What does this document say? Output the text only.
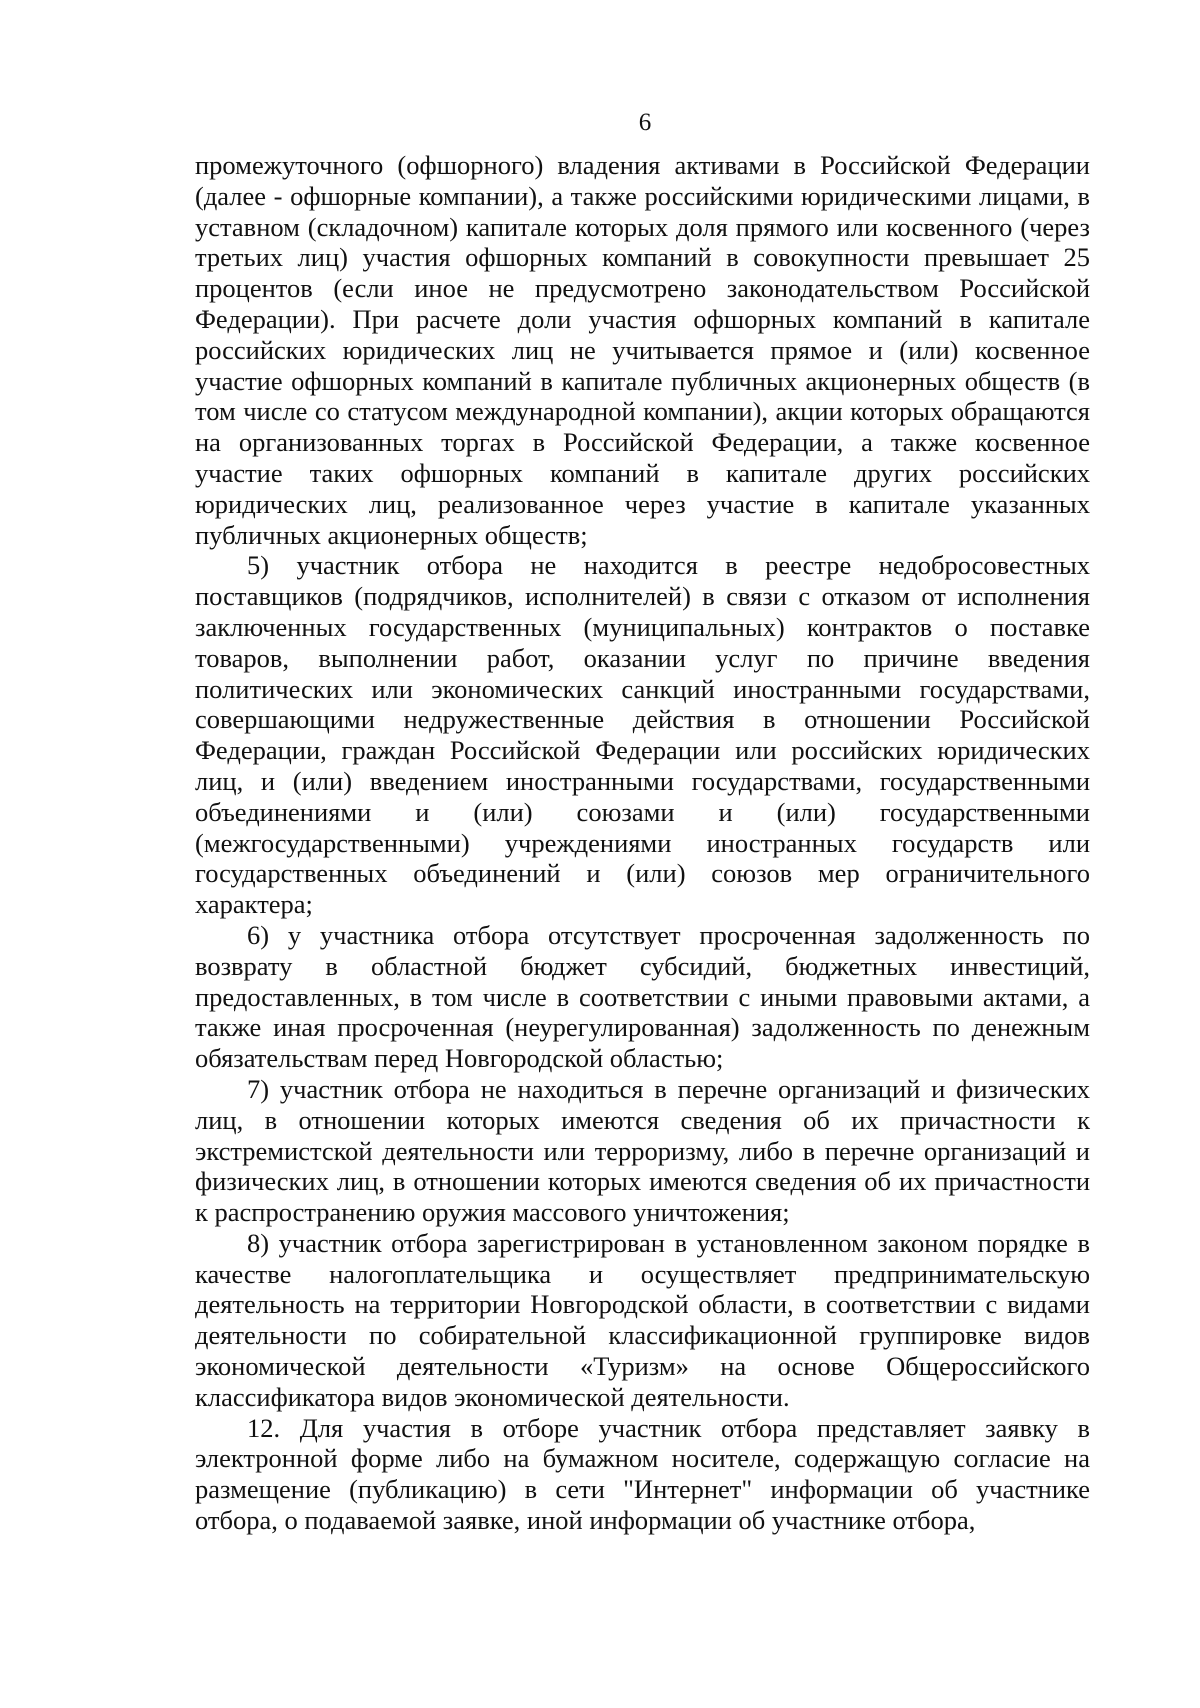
6

промежуточного (офшорного) владения активами в Российской Федерации (далее - офшорные компании), а также российскими юридическими лицами, в уставном (складочном) капитале которых доля прямого или косвенного (через третьих лиц) участия офшорных компаний в совокупности превышает 25 процентов (если иное не предусмотрено законодательством Российской Федерации). При расчете доли участия офшорных компаний в капитале российских юридических лиц не учитывается прямое и (или) косвенное участие офшорных компаний в капитале публичных акционерных обществ (в том числе со статусом международной компании), акции которых обращаются на организованных торгах в Российской Федерации, а также косвенное участие таких офшорных компаний в капитале других российских юридических лиц, реализованное через участие в капитале указанных публичных акционерных обществ;

5) участник отбора не находится в реестре недобросовестных поставщиков (подрядчиков, исполнителей) в связи с отказом от исполнения заключенных государственных (муниципальных) контрактов о поставке товаров, выполнении работ, оказании услуг по причине введения политических или экономических санкций иностранными государствами, совершающими недружественные действия в отношении Российской Федерации, граждан Российской Федерации или российских юридических лиц, и (или) введением иностранными государствами, государственными объединениями и (или) союзами и (или) государственными (межгосударственными) учреждениями иностранных государств или государственных объединений и (или) союзов мер ограничительного характера;

6) у участника отбора отсутствует просроченная задолженность по возврату в областной бюджет субсидий, бюджетных инвестиций, предоставленных, в том числе в соответствии с иными правовыми актами, а также иная просроченная (неурегулированная) задолженность по денежным обязательствам перед Новгородской областью;

7) участник отбора не находиться в перечне организаций и физических лиц, в отношении которых имеются сведения об их причастности к экстремистской деятельности или терроризму, либо в перечне организаций и физических лиц, в отношении которых имеются сведения об их причастности к распространению оружия массового уничтожения;

8) участник отбора зарегистрирован в установленном законом порядке в качестве налогоплательщика и осуществляет предпринимательскую деятельность на территории Новгородской области, в соответствии с видами деятельности по собирательной классификационной группировке видов экономической деятельности «Туризм» на основе Общероссийского классификатора видов экономической деятельности.

12. Для участия в отборе участник отбора представляет заявку в электронной форме либо на бумажном носителе, содержащую согласие на размещение (публикацию) в сети "Интернет" информации об участнике отбора, о подаваемой заявке, иной информации об участнике отбора,
